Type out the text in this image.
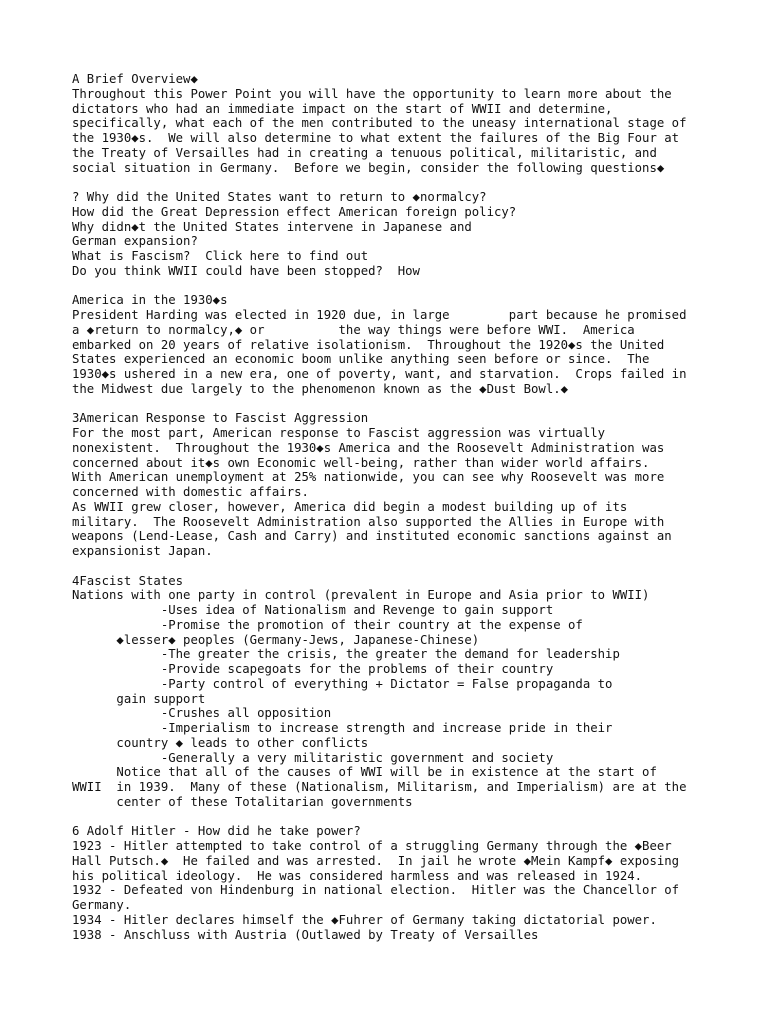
A Brief Overview◆
Throughout this Power Point you will have the opportunity to learn more about the
dictators who had an immediate impact on the start of WWII and determine,
specifically, what each of the men contributed to the uneasy international stage of
the 1930◆s.  We will also determine to what extent the failures of the Big Four at
the Treaty of Versailles had in creating a tenuous political, militaristic, and
social situation in Germany.  Before we begin, consider the following questions◆
? Why did the United States want to return to ◆normalcy?
How did the Great Depression effect American foreign policy?
Why didn◆t the United States intervene in Japanese and
German expansion?
What is Fascism?  Click here to find out
Do you think WWII could have been stopped?  How
America in the 1930◆s
President Harding was elected in 1920 due, in large        part because he promised
a ◆return to normalcy,◆ or          the way things were before WWI.  America
embarked on 20 years of relative isolationism.  Throughout the 1920◆s the United
States experienced an economic boom unlike anything seen before or since.  The
1930◆s ushered in a new era, one of poverty, want, and starvation.  Crops failed in
the Midwest due largely to the phenomenon known as the ◆Dust Bowl.◆
3American Response to Fascist Aggression
For the most part, American response to Fascist aggression was virtually
nonexistent.  Throughout the 1930◆s America and the Roosevelt Administration was
concerned about it◆s own Economic well-being, rather than wider world affairs.
With American unemployment at 25% nationwide, you can see why Roosevelt was more
concerned with domestic affairs.
As WWII grew closer, however, America did begin a modest building up of its
military.  The Roosevelt Administration also supported the Allies in Europe with
weapons (Lend-Lease, Cash and Carry) and instituted economic sanctions against an
expansionist Japan.
4Fascist States
Nations with one party in control (prevalent in Europe and Asia prior to WWII)
-Uses idea of Nationalism and Revenge to gain support
-Promise the promotion of their country at the expense of
◆lesser◆ peoples (Germany-Jews, Japanese-Chinese)
-The greater the crisis, the greater the demand for leadership
-Provide scapegoats for the problems of their country
-Party control of everything + Dictator = False propaganda to
gain support
-Crushes all opposition
-Imperialism to increase strength and increase pride in their
country ◆ leads to other conflicts
-Generally a very militaristic government and society
Notice that all of the causes of WWI will be in existence at the start of
WWII  in 1939.  Many of these (Nationalism, Militarism, and Imperialism) are at the
center of these Totalitarian governments
6 Adolf Hitler - How did he take power?
1923 - Hitler attempted to take control of a struggling Germany through the ◆Beer
Hall Putsch.◆  He failed and was arrested.  In jail he wrote ◆Mein Kampf◆ exposing
his political ideology.  He was considered harmless and was released in 1924.
1932 - Defeated von Hindenburg in national election.  Hitler was the Chancellor of
Germany.
1934 - Hitler declares himself the ◆Fuhrer of Germany taking dictatorial power.
1938 - Anschluss with Austria (Outlawed by Treaty of Versailles
